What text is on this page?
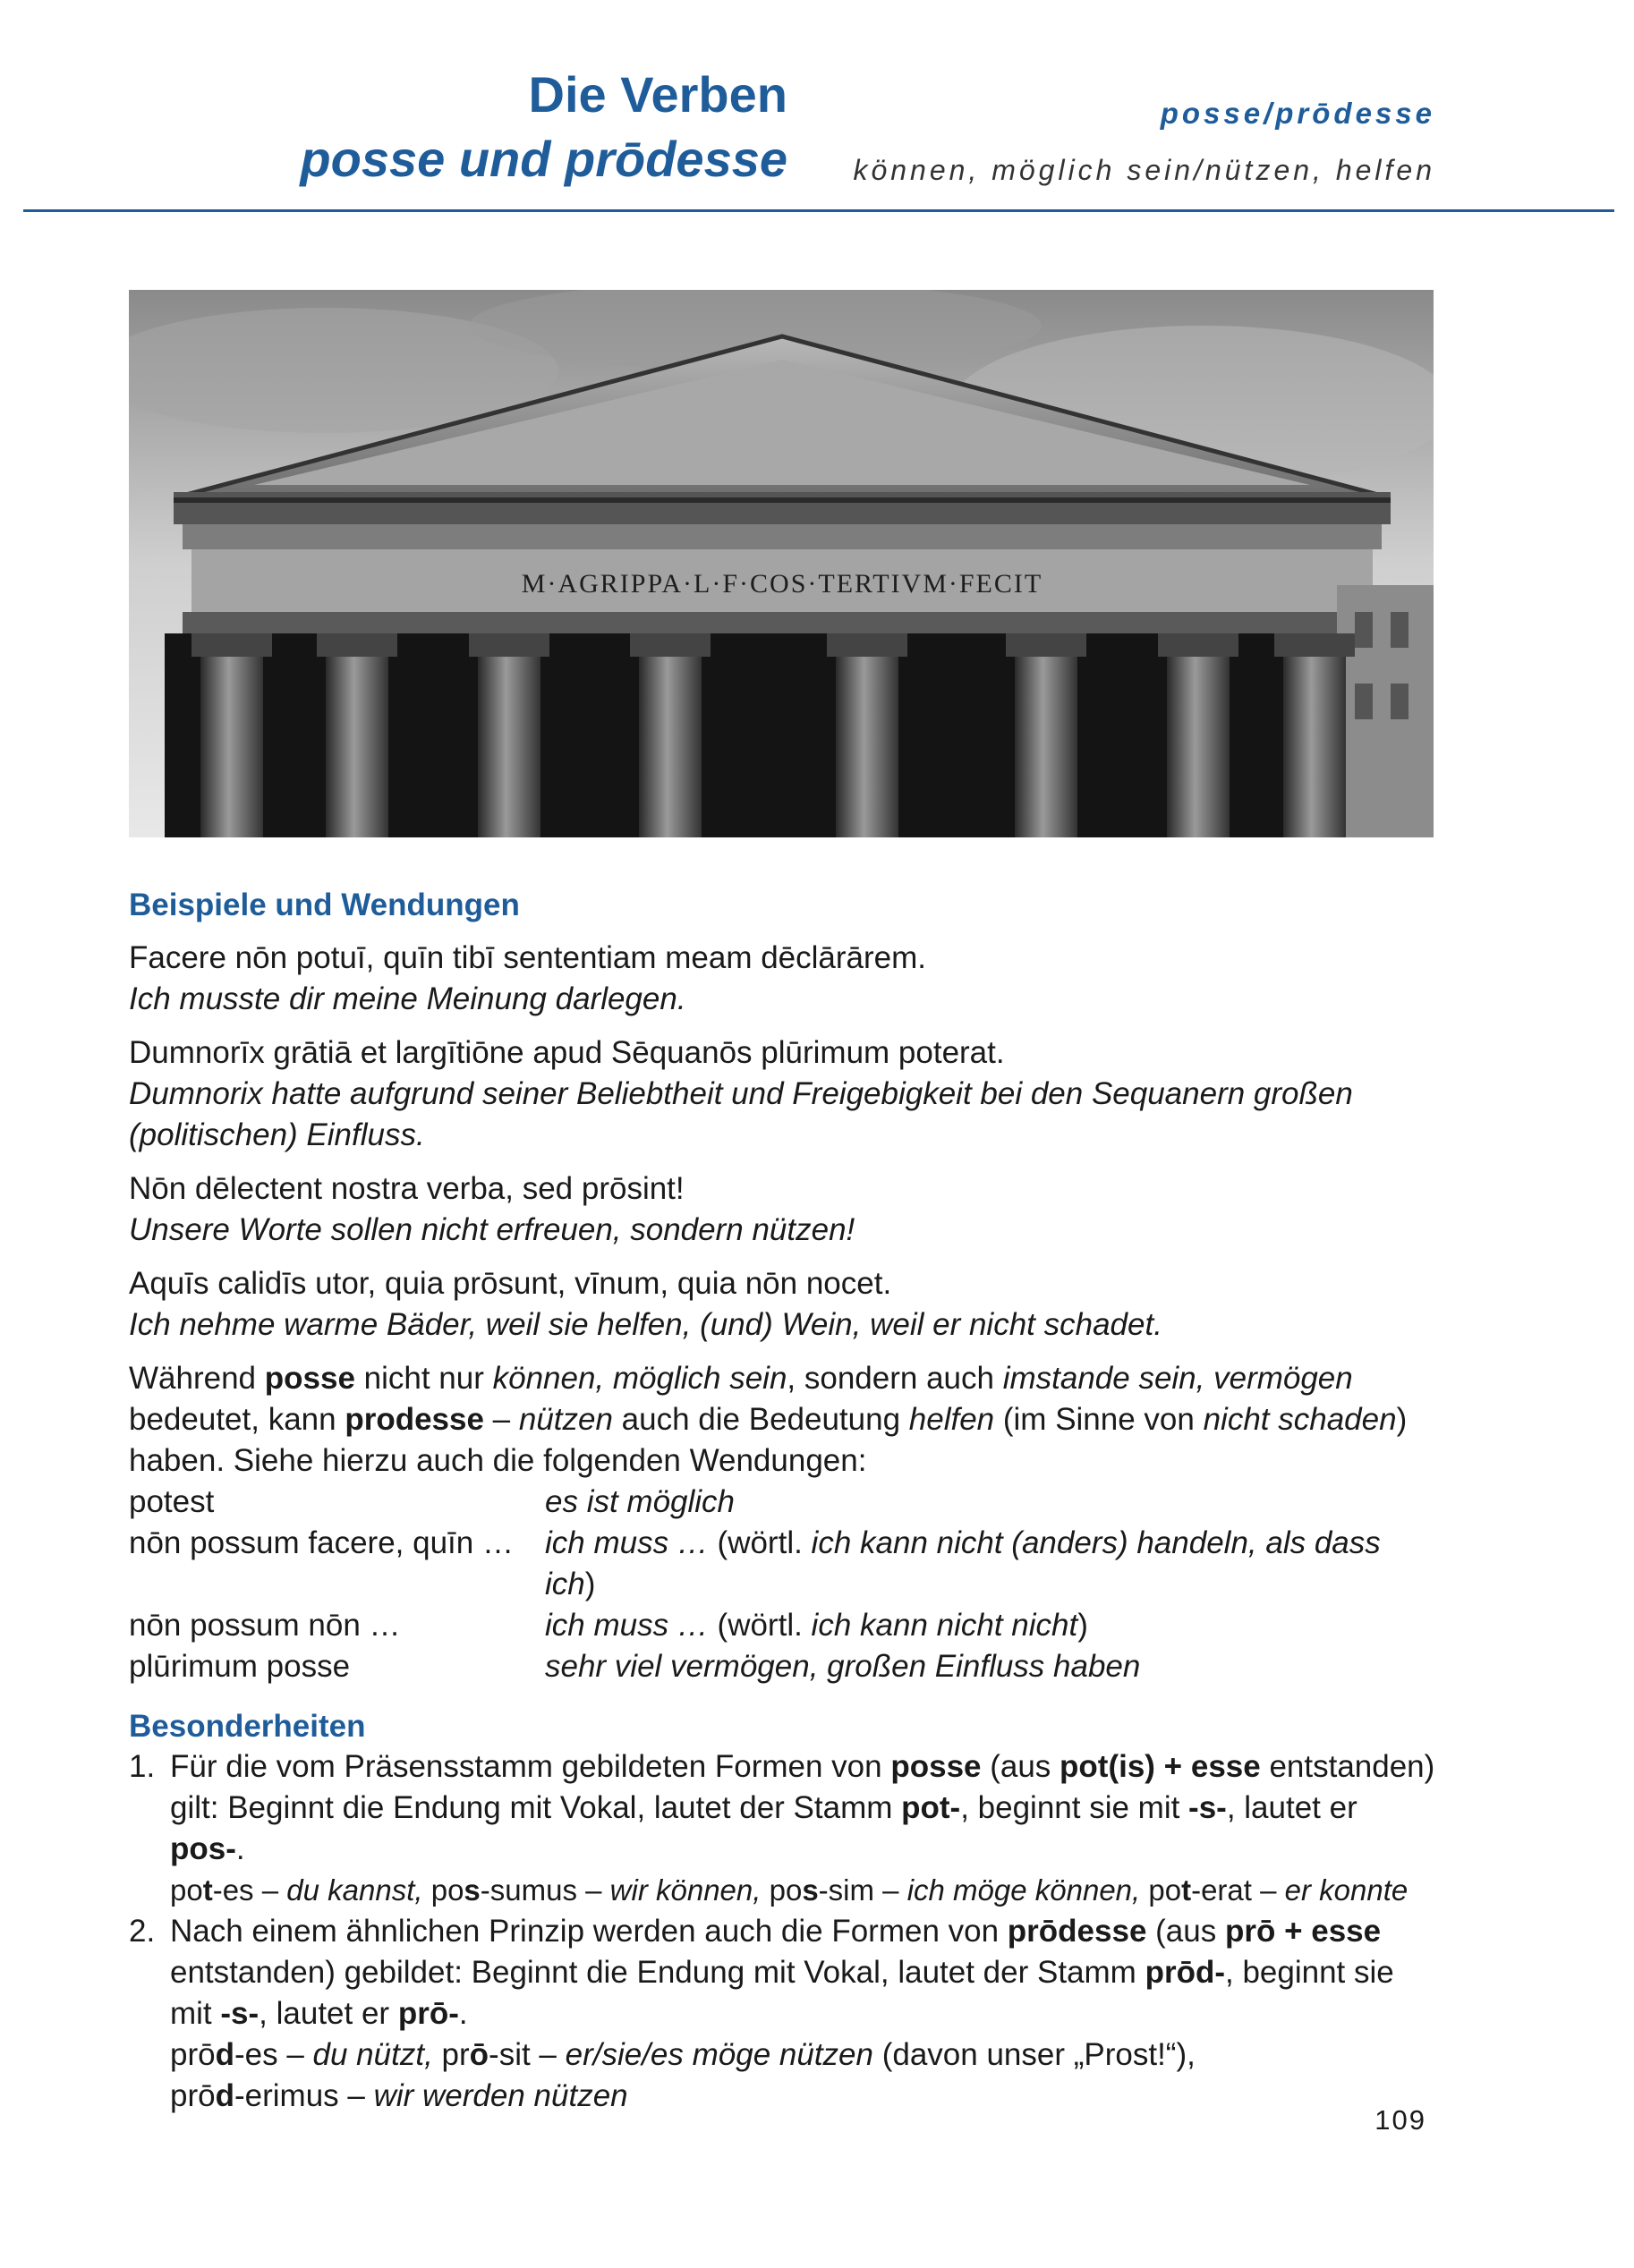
Die Verben
posse und prōdesse
posse/prōdesse
können, möglich sein/nützen, helfen
M·AGRIPPA·L·F·COS·TERTIVM·FECIT
Beispiele und Wendungen
Facere nōn potuī, quīn tibī sententiam meam dēclārārem.
Ich musste dir meine Meinung darlegen.
Dumnorīx grātiā et largītiōne apud Sēquanōs plūrimum poterat.
Dumnorix hatte aufgrund seiner Beliebtheit und Freigebigkeit bei den Sequanern großen (politischen) Einfluss.
Nōn dēlectent nostra verba, sed prōsint!
Unsere Worte sollen nicht erfreuen, sondern nützen!
Aquīs calidīs utor, quia prōsunt, vīnum, quia nōn nocet.
Ich nehme warme Bäder, weil sie helfen, (und) Wein, weil er nicht schadet.
Während posse nicht nur können, möglich sein, sondern auch imstande sein, vermögen bedeutet, kann prodesse – nützen auch die Bedeutung helfen (im Sinne von nicht schaden) haben. Siehe hierzu auch die folgenden Wendungen:
potest	es ist möglich
nōn possum facere, quīn …	ich muss … (wörtl. ich kann nicht (anders) handeln, als dass ich)
nōn possum nōn …	ich muss … (wörtl. ich kann nicht nicht)
plūrimum posse	sehr viel vermögen, großen Einfluss haben
Besonderheiten
1. Für die vom Präsensstamm gebildeten Formen von posse (aus pot(is) + esse entstanden) gilt: Beginnt die Endung mit Vokal, lautet der Stamm pot-, beginnt sie mit -s-, lautet er pos-.
pot-es – du kannst, pos-sumus – wir können, pos-sim – ich möge können, pot-erat – er konnte
2. Nach einem ähnlichen Prinzip werden auch die Formen von prōdesse (aus prō + esse entstanden) gebildet: Beginnt die Endung mit Vokal, lautet der Stamm prōd-, beginnt sie mit -s-, lautet er prō-.
prōd-es – du nützt, prō-sit – er/sie/es möge nützen (davon unser „Prost!“),
prōd-erimus – wir werden nützen
109
